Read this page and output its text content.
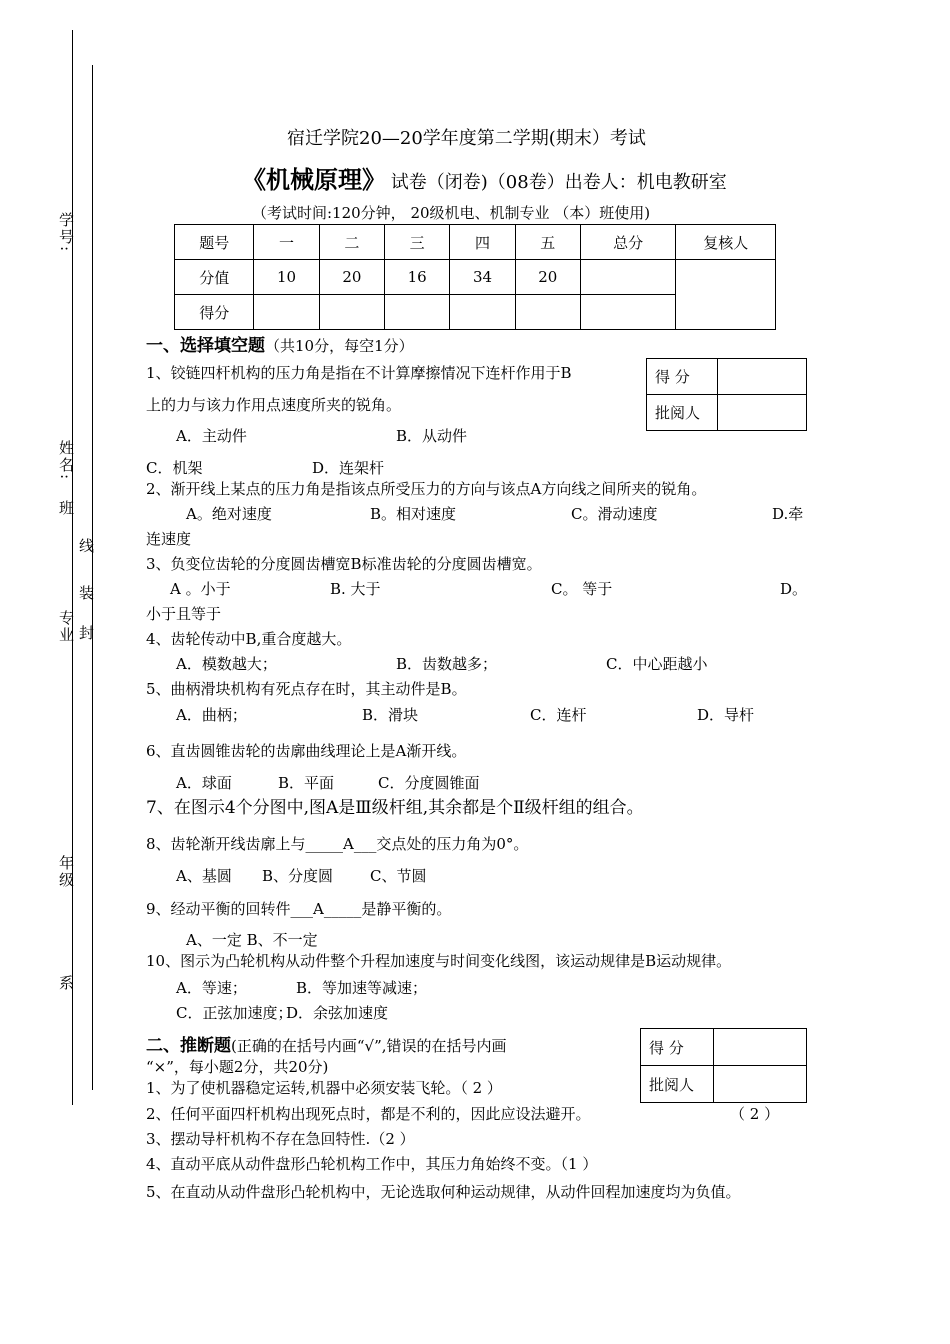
学号:
姓名:
班
线
装
专业 封
年级
系
宿迁学院20—20学年度第二学期(期末）考试
《机械原理》 试卷（闭卷)（08卷）出卷人：机电教研室
（考试时间:120分钟， 20级机电、机制专业 （本）班使用)
题号	一	二	三	四	五	总分	复核人
分值	10	20	16	34	20		
得分							
一、选择填空题（共10分，每空1分）
得 分	
批阅人	
1、铰链四杆机构的压力角是指在不计算摩擦情况下连杆作用于B
上的力与该力作用点速度所夹的锐角。
A．主动件	B．从动件
C．机架	D．连架杆
2、渐开线上某点的压力角是指该点所受压力的方向与该点A方向线之间所夹的锐角。
A。绝对速度	B。相对速度	C。滑动速度	D.牵
连速度
3、负变位齿轮的分度圆齿槽宽B标准齿轮的分度圆齿槽宽。
A 。小于	B. 大于	C。 等于	D。
小于且等于
4、齿轮传动中B,重合度越大。
A．模数越大；	B．齿数越多；	C．中心距越小
5、曲柄滑块机构有死点存在时，其主动件是B。
A．曲柄；	B．滑块	C．连杆	D．导杆
6、直齿圆锥齿轮的齿廓曲线理论上是A渐开线。
A．球面	B．平面	C．分度圆锥面
7、在图示4个分图中,图A是Ⅲ级杆组,其余都是个Ⅱ级杆组的组合。
8、齿轮渐开线齿廓上与_____A___交点处的压力角为0°。
A、基圆 B、分度圆 C、节圆
9、经动平衡的回转件___A_____是静平衡的。
A、一定 B、不一定
10、图示为凸轮机构从动件整个升程加速度与时间变化线图，该运动规律是B运动规律。
A．等速；	B．等加速等减速；
C．正弦加速度；
D．余弦加速度
二、推断题(正确的在括号内画“√”,错误的在括号内画
“×”，每小题2分，共20分)
得 分	
批阅人	
1、为了使机器稳定运转,机器中必须安装飞轮。（ 2 ）
2、任何平面四杆机构出现死点时，都是不利的，因此应设法避开。	（ 2 ）
3、摆动导杆机构不存在急回特性.（2 ）
4、直动平底从动件盘形凸轮机构工作中，其压力角始终不变。（1 ）
5、在直动从动件盘形凸轮机构中，无论选取何种运动规律，从动件回程加速度均为负值。
